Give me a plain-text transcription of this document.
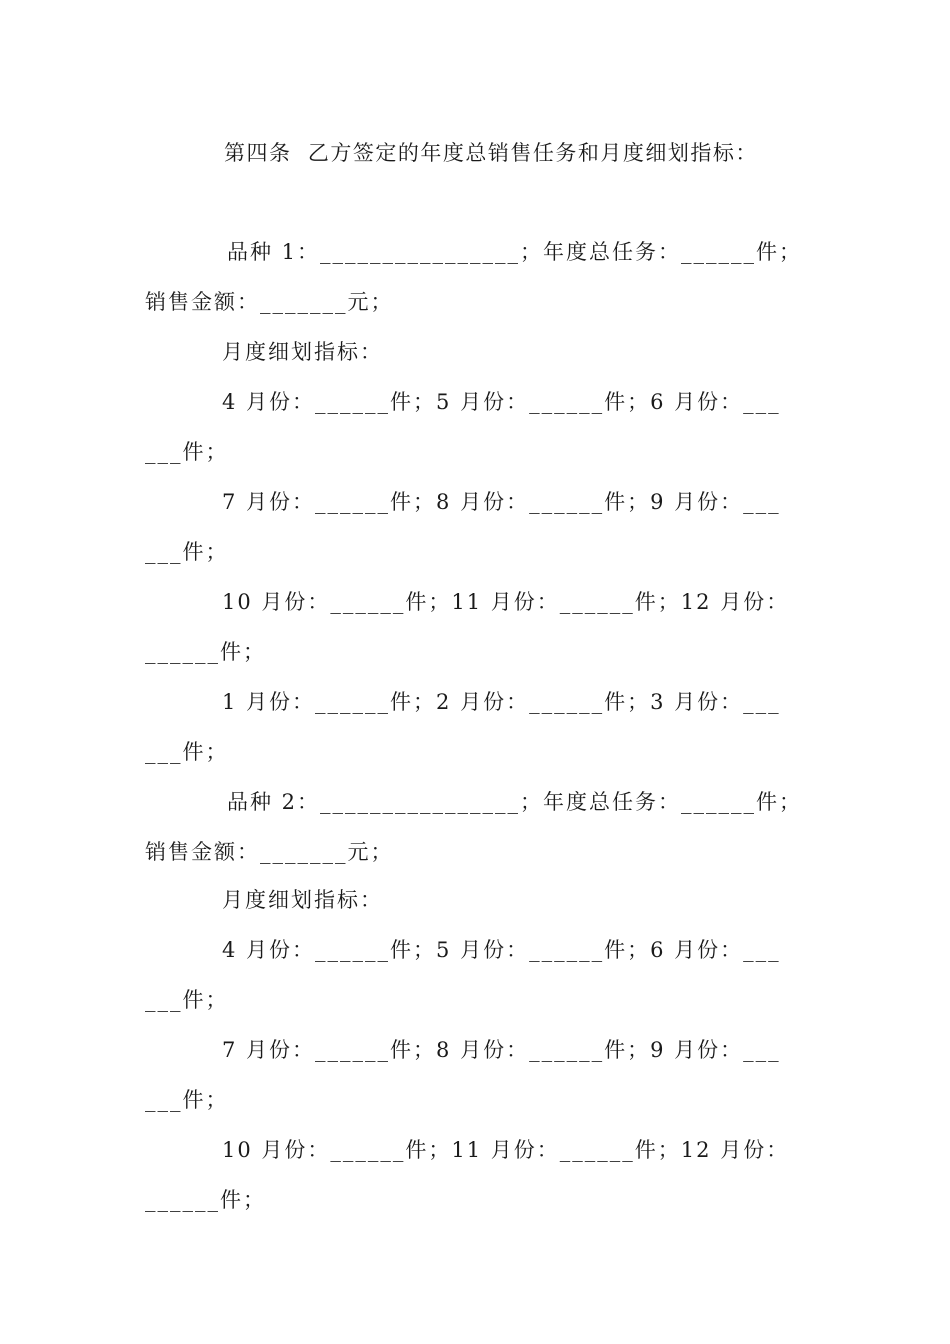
第四条  乙方签定的年度总销售任务和月度细划指标：
品种 1：________________；年度总任务：______件；
销售金额：_______元；
月度细划指标：
4 月份：______件；5 月份：______件；6 月份：___
___件；
7 月份：______件；8 月份：______件；9 月份：___
___件；
10 月份：______件；11 月份：______件；12 月份：
______件；
1 月份：______件；2 月份：______件；3 月份：___
___件；
品种 2：________________；年度总任务：______件；
销售金额：_______元；
月度细划指标：
4 月份：______件；5 月份：______件；6 月份：___
___件；
7 月份：______件；8 月份：______件；9 月份：___
___件；
10 月份：______件；11 月份：______件；12 月份：
______件；
